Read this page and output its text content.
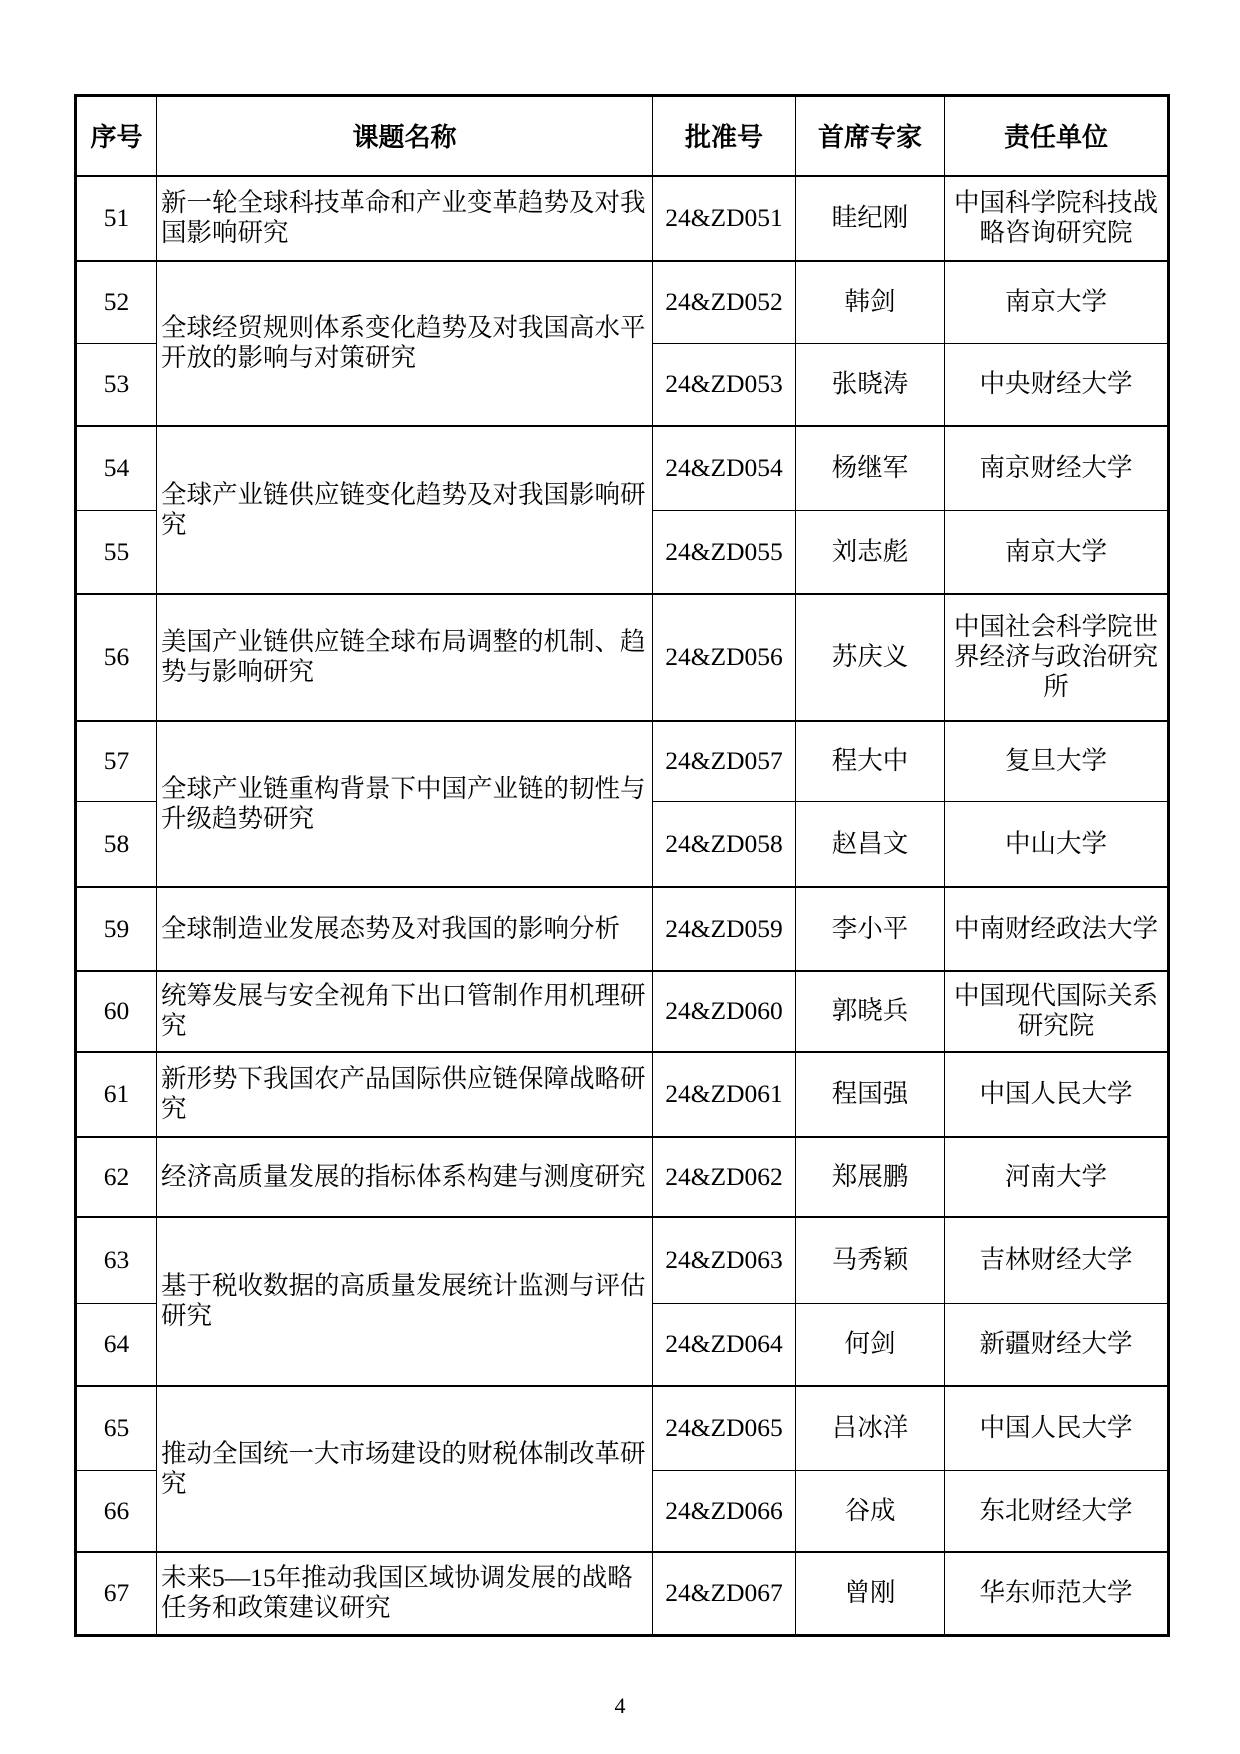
序号	课题名称	批准号	首席专家	责任单位
51	新一轮全球科技革命和产业变革趋势及对我国影响研究	24&ZD051	眭纪刚	中国科学院科技战略咨询研究院
52	全球经贸规则体系变化趋势及对我国高水平开放的影响与对策研究	24&ZD052	韩剑	南京大学
53		24&ZD053	张晓涛	中央财经大学
54	全球产业链供应链变化趋势及对我国影响研究	24&ZD054	杨继军	南京财经大学
55		24&ZD055	刘志彪	南京大学
56	美国产业链供应链全球布局调整的机制、趋势与影响研究	24&ZD056	苏庆义	中国社会科学院世界经济与政治研究所
57	全球产业链重构背景下中国产业链的韧性与升级趋势研究	24&ZD057	程大中	复旦大学
58		24&ZD058	赵昌文	中山大学
59	全球制造业发展态势及对我国的影响分析	24&ZD059	李小平	中南财经政法大学
60	统筹发展与安全视角下出口管制作用机理研究	24&ZD060	郭晓兵	中国现代国际关系研究院
61	新形势下我国农产品国际供应链保障战略研究	24&ZD061	程国强	中国人民大学
62	经济高质量发展的指标体系构建与测度研究	24&ZD062	郑展鹏	河南大学
63	基于税收数据的高质量发展统计监测与评估研究	24&ZD063	马秀颖	吉林财经大学
64		24&ZD064	何剑	新疆财经大学
65	推动全国统一大市场建设的财税体制改革研究	24&ZD065	吕冰洋	中国人民大学
66		24&ZD066	谷成	东北财经大学
67	未来5—15年推动我国区域协调发展的战略任务和政策建议研究	24&ZD067	曾刚	华东师范大学
4
